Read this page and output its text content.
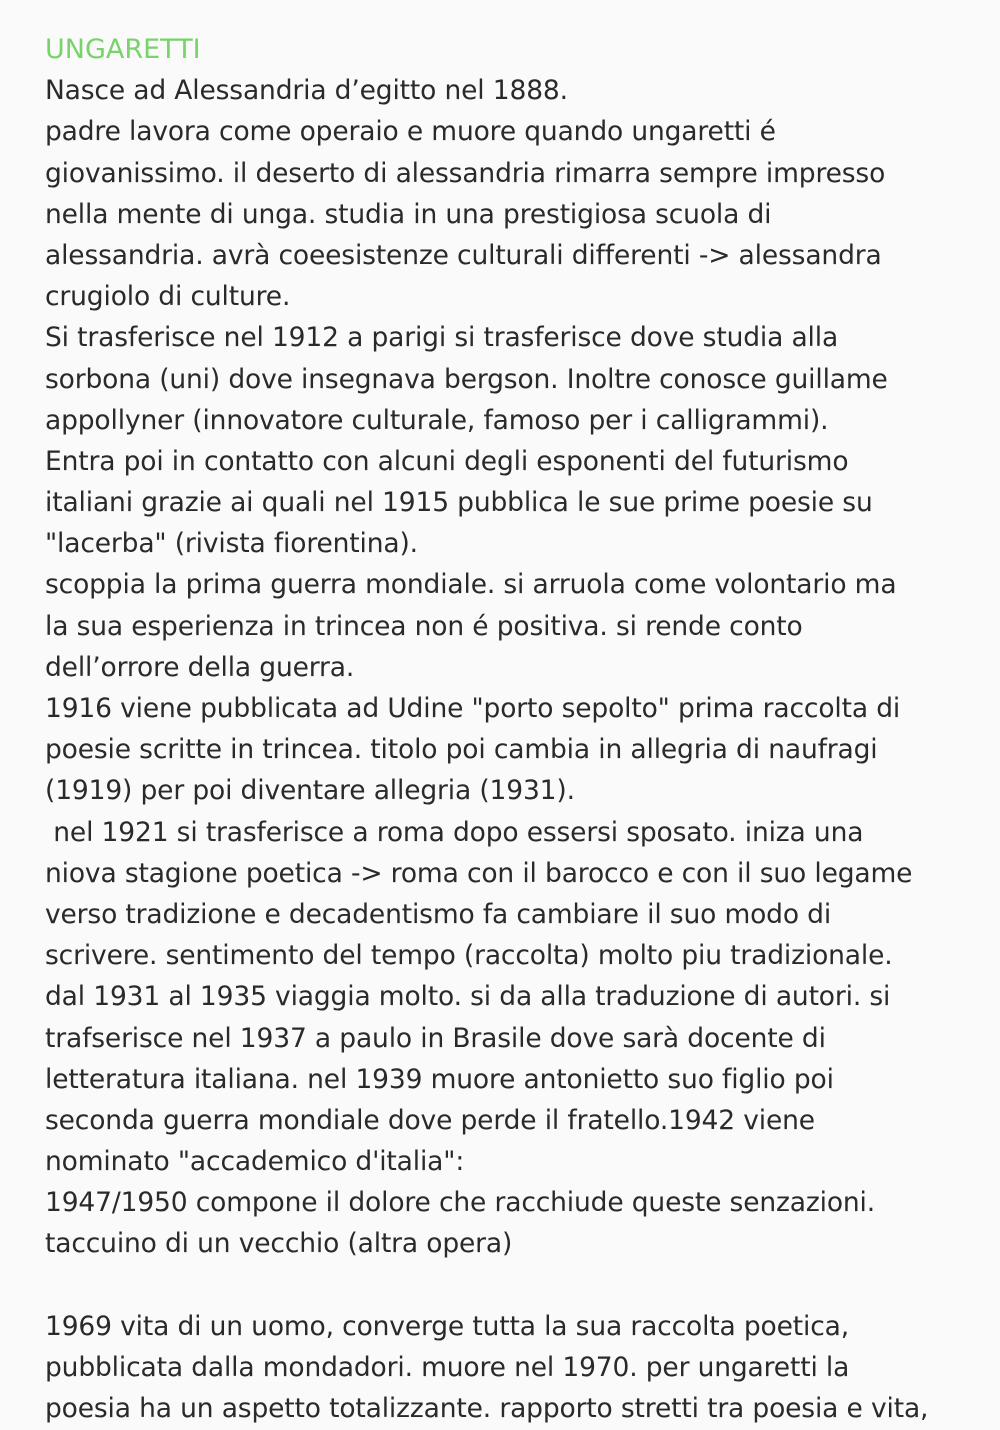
UNGARETTI
Nasce ad Alessandria d’egitto nel 1888.
padre lavora come operaio e muore quando ungaretti é
giovanissimo. il deserto di alessandria rimarra sempre impresso
nella mente di unga. studia in una prestigiosa scuola di
alessandria. avrà coeesistenze culturali differenti -> alessandra
crugiolo di culture.
Si trasferisce nel 1912 a parigi si trasferisce dove studia alla
sorbona (uni) dove insegnava bergson. Inoltre conosce guillame
appollyner (innovatore culturale, famoso per i calligrammi).
Entra poi in contatto con alcuni degli esponenti del futurismo
italiani grazie ai quali nel 1915 pubblica le sue prime poesie su
"lacerba" (rivista fiorentina).
scoppia la prima guerra mondiale. si arruola come volontario ma
la sua esperienza in trincea non é positiva. si rende conto
dell’orrore della guerra.
1916 viene pubblicata ad Udine "porto sepolto" prima raccolta di
poesie scritte in trincea. titolo poi cambia in allegria di naufragi
(1919) per poi diventare allegria (1931).
nel 1921 si trasferisce a roma dopo essersi sposato. iniza una
niova stagione poetica -> roma con il barocco e con il suo legame
verso tradizione e decadentismo fa cambiare il suo modo di
scrivere. sentimento del tempo (raccolta) molto piu tradizionale.
dal 1931 al 1935 viaggia molto. si da alla traduzione di autori. si
trafserisce nel 1937 a paulo in Brasile dove sarà docente di
letteratura italiana. nel 1939 muore antonietto suo figlio poi
seconda guerra mondiale dove perde il fratello.1942 viene
nominato "accademico d'italia":
1947/1950 compone il dolore che racchiude queste senzazioni.
taccuino di un vecchio (altra opera)
1969 vita di un uomo, converge tutta la sua raccolta poetica,
pubblicata dalla mondadori. muore nel 1970. per ungaretti la
poesia ha un aspetto totalizzante. rapporto stretti tra poesia e vita,
